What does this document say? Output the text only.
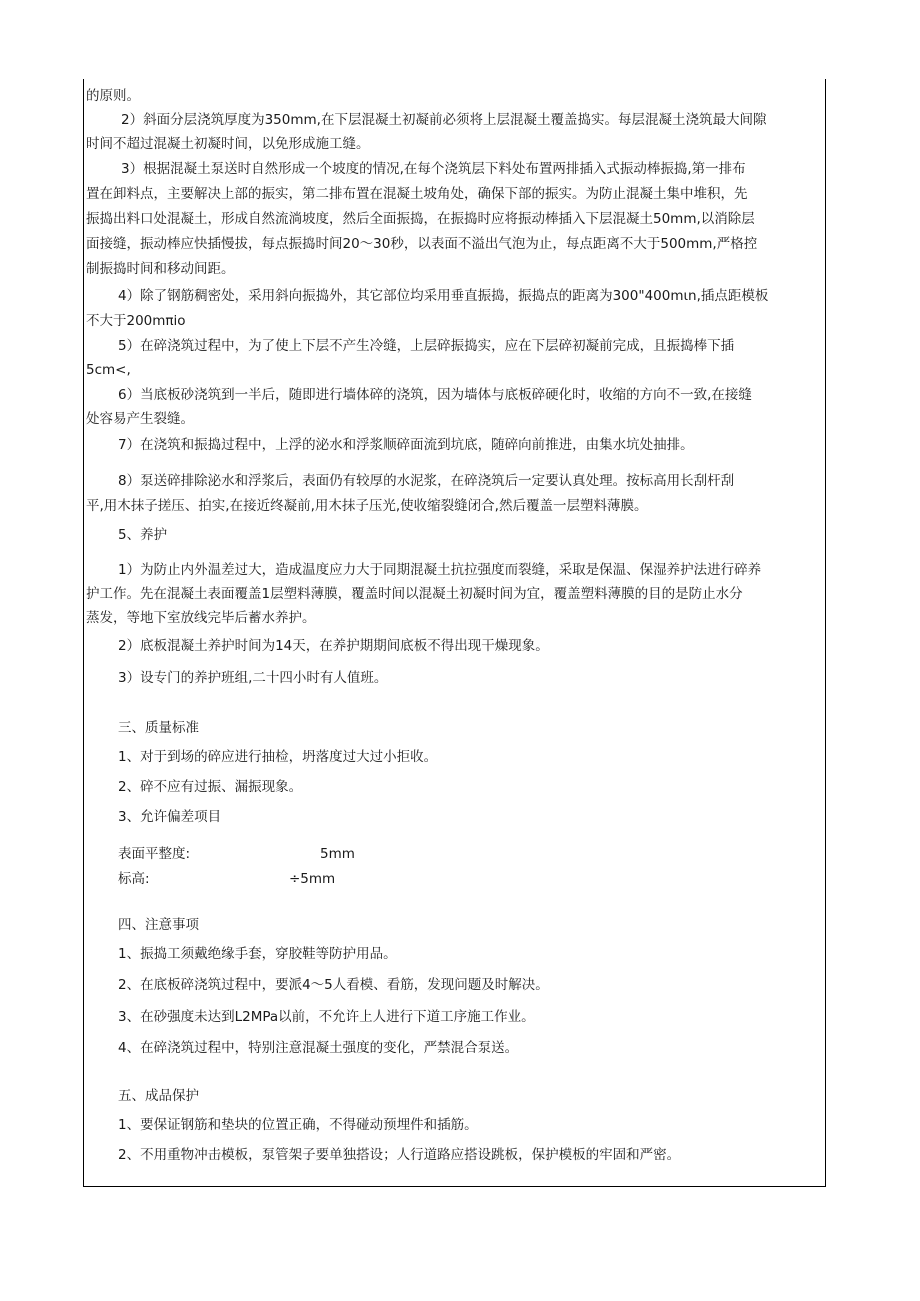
的原则。
2）斜面分层浇筑厚度为350mm,在下层混凝土初凝前必须将上层混凝土覆盖捣实。每层混凝土浇筑最大间隙
时间不超过混凝土初凝时间，以免形成施工缝。
3）根据混凝土泵送时自然形成一个坡度的情况,在每个浇筑层下料处布置两排插入式振动棒振捣,第一排布
置在卸料点，主要解决上部的振实，第二排布置在混凝土坡角处，确保下部的振实。为防止混凝土集中堆积，先
振捣出料口处混凝土，形成自然流淌坡度，然后全面振捣，在振捣时应将振动棒插入下层混凝土50mm,以消除层
面接缝，振动棒应快插慢拔，每点振捣时间20～30秒，以表面不溢出气泡为止，每点距离不大于500mm,严格控
制振捣时间和移动间距。
4）除了钢筋稠密处，采用斜向振捣外，其它部位均采用垂直振捣，振捣点的距离为300"400mιn,插点距模板
不大于200mπio
5）在碎浇筑过程中，为了使上下层不产生冷缝，上层碎振捣实，应在下层碎初凝前完成，且振捣棒下插
5cm<,
6）当底板砂浇筑到一半后，随即进行墙体碎的浇筑，因为墙体与底板碎硬化时，收缩的方向不一致,在接缝
处容易产生裂缝。
7）在浇筑和振捣过程中，上浮的泌水和浮浆顺碎面流到坑底，随碎向前推进，由集水坑处抽排。
8）泵送碎排除泌水和浮浆后，表面仍有较厚的水泥浆，在碎浇筑后一定要认真处理。按标高用长刮杆刮
平,用木抹子搓压、拍实,在接近终凝前,用木抹子压光,使收缩裂缝闭合,然后覆盖一层塑料薄膜。
5、养护
1）为防止内外温差过大，造成温度应力大于同期混凝土抗拉强度而裂缝，采取是保温、保湿养护法进行碎养
护工作。先在混凝土表面覆盖1层塑料薄膜，覆盖时间以混凝土初凝时间为宜，覆盖塑料薄膜的目的是防止水分
蒸发，等地下室放线完毕后蓄水养护。
2）底板混凝土养护时间为14天，在养护期期间底板不得出现干燥现象。
3）设专门的养护班组,二十四小时有人值班。
三、质量标准
1、对于到场的碎应进行抽检，坍落度过大过小拒收。
2、碎不应有过振、漏振现象。
3、允许偏差项目
表面平整度:	5mm
标高:	÷5mm
四、注意事项
1、振捣工须戴绝缘手套，穿胶鞋等防护用品。
2、在底板碎浇筑过程中，要派4～5人看模、看筋，发现问题及时解决。
3、在砂强度未达到L2MPa以前，不允许上人进行下道工序施工作业。
4、在碎浇筑过程中，特别注意混凝土强度的变化，严禁混合泵送。
五、成品保护
1、要保证钢筋和垫块的位置正确，不得碰动预埋件和插筋。
2、不用重物冲击模板，泵管架子要单独搭设；人行道路应搭设跳板，保护模板的牢固和严密。
